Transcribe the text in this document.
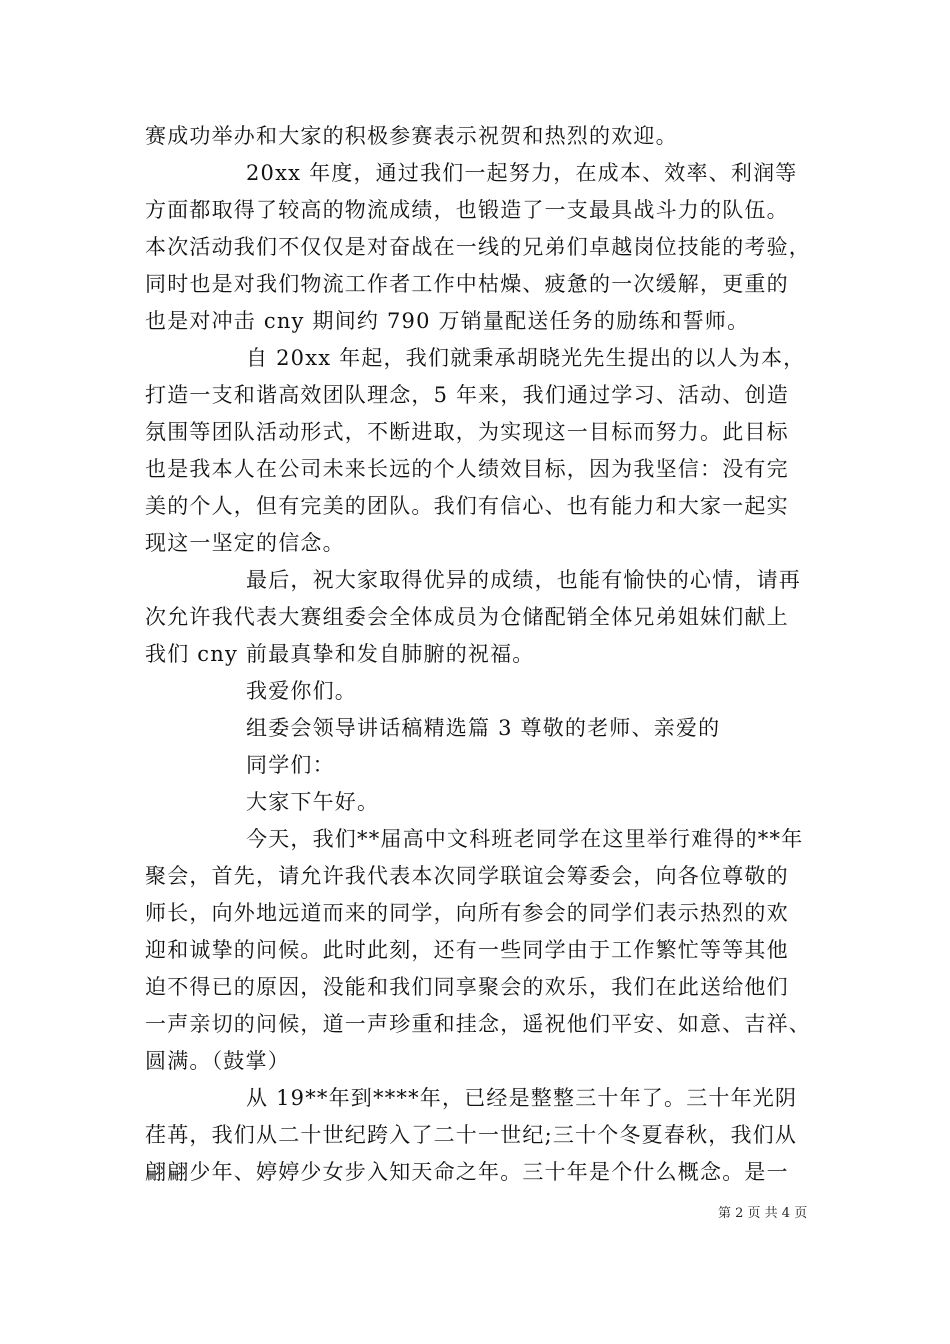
赛成功举办和大家的积极参赛表示祝贺和热烈的欢迎。
20xx 年度，通过我们一起努力，在成本、效率、利润等
方面都取得了较高的物流成绩，也锻造了一支最具战斗力的队伍。
本次活动我们不仅仅是对奋战在一线的兄弟们卓越岗位技能的考验，
同时也是对我们物流工作者工作中枯燥、疲惫的一次缓解，更重的
也是对冲击 cny 期间约 790 万销量配送任务的励练和誓师。
自 20xx 年起，我们就秉承胡晓光先生提出的以人为本，
打造一支和谐高效团队理念，5 年来，我们通过学习、活动、创造
氛围等团队活动形式，不断进取，为实现这一目标而努力。此目标
也是我本人在公司未来长远的个人绩效目标，因为我坚信：没有完
美的个人，但有完美的团队。我们有信心、也有能力和大家一起实
现这一坚定的信念。
最后，祝大家取得优异的成绩，也能有愉快的心情，请再
次允许我代表大赛组委会全体成员为仓储配销全体兄弟姐妹们献上
我们 cny 前最真挚和发自肺腑的祝福。
我爱你们。
组委会领导讲话稿精选篇 3 尊敬的老师、亲爱的
同学们：
大家下午好。
今天，我们**届高中文科班老同学在这里举行难得的**年
聚会，首先，请允许我代表本次同学联谊会筹委会，向各位尊敬的
师长，向外地远道而来的同学，向所有参会的同学们表示热烈的欢
迎和诚挚的问候。此时此刻，还有一些同学由于工作繁忙等等其他
迫不得已的原因，没能和我们同享聚会的欢乐，我们在此送给他们
一声亲切的问候，道一声珍重和挂念，遥祝他们平安、如意、吉祥、
圆满。（鼓掌）
从 19**年到****年，已经是整整三十年了。三十年光阴
荏苒，我们从二十世纪跨入了二十一世纪;三十个冬夏春秋，我们从
翩翩少年、婷婷少女步入知天命之年。三十年是个什么概念。是一
第 2 页 共 4 页
